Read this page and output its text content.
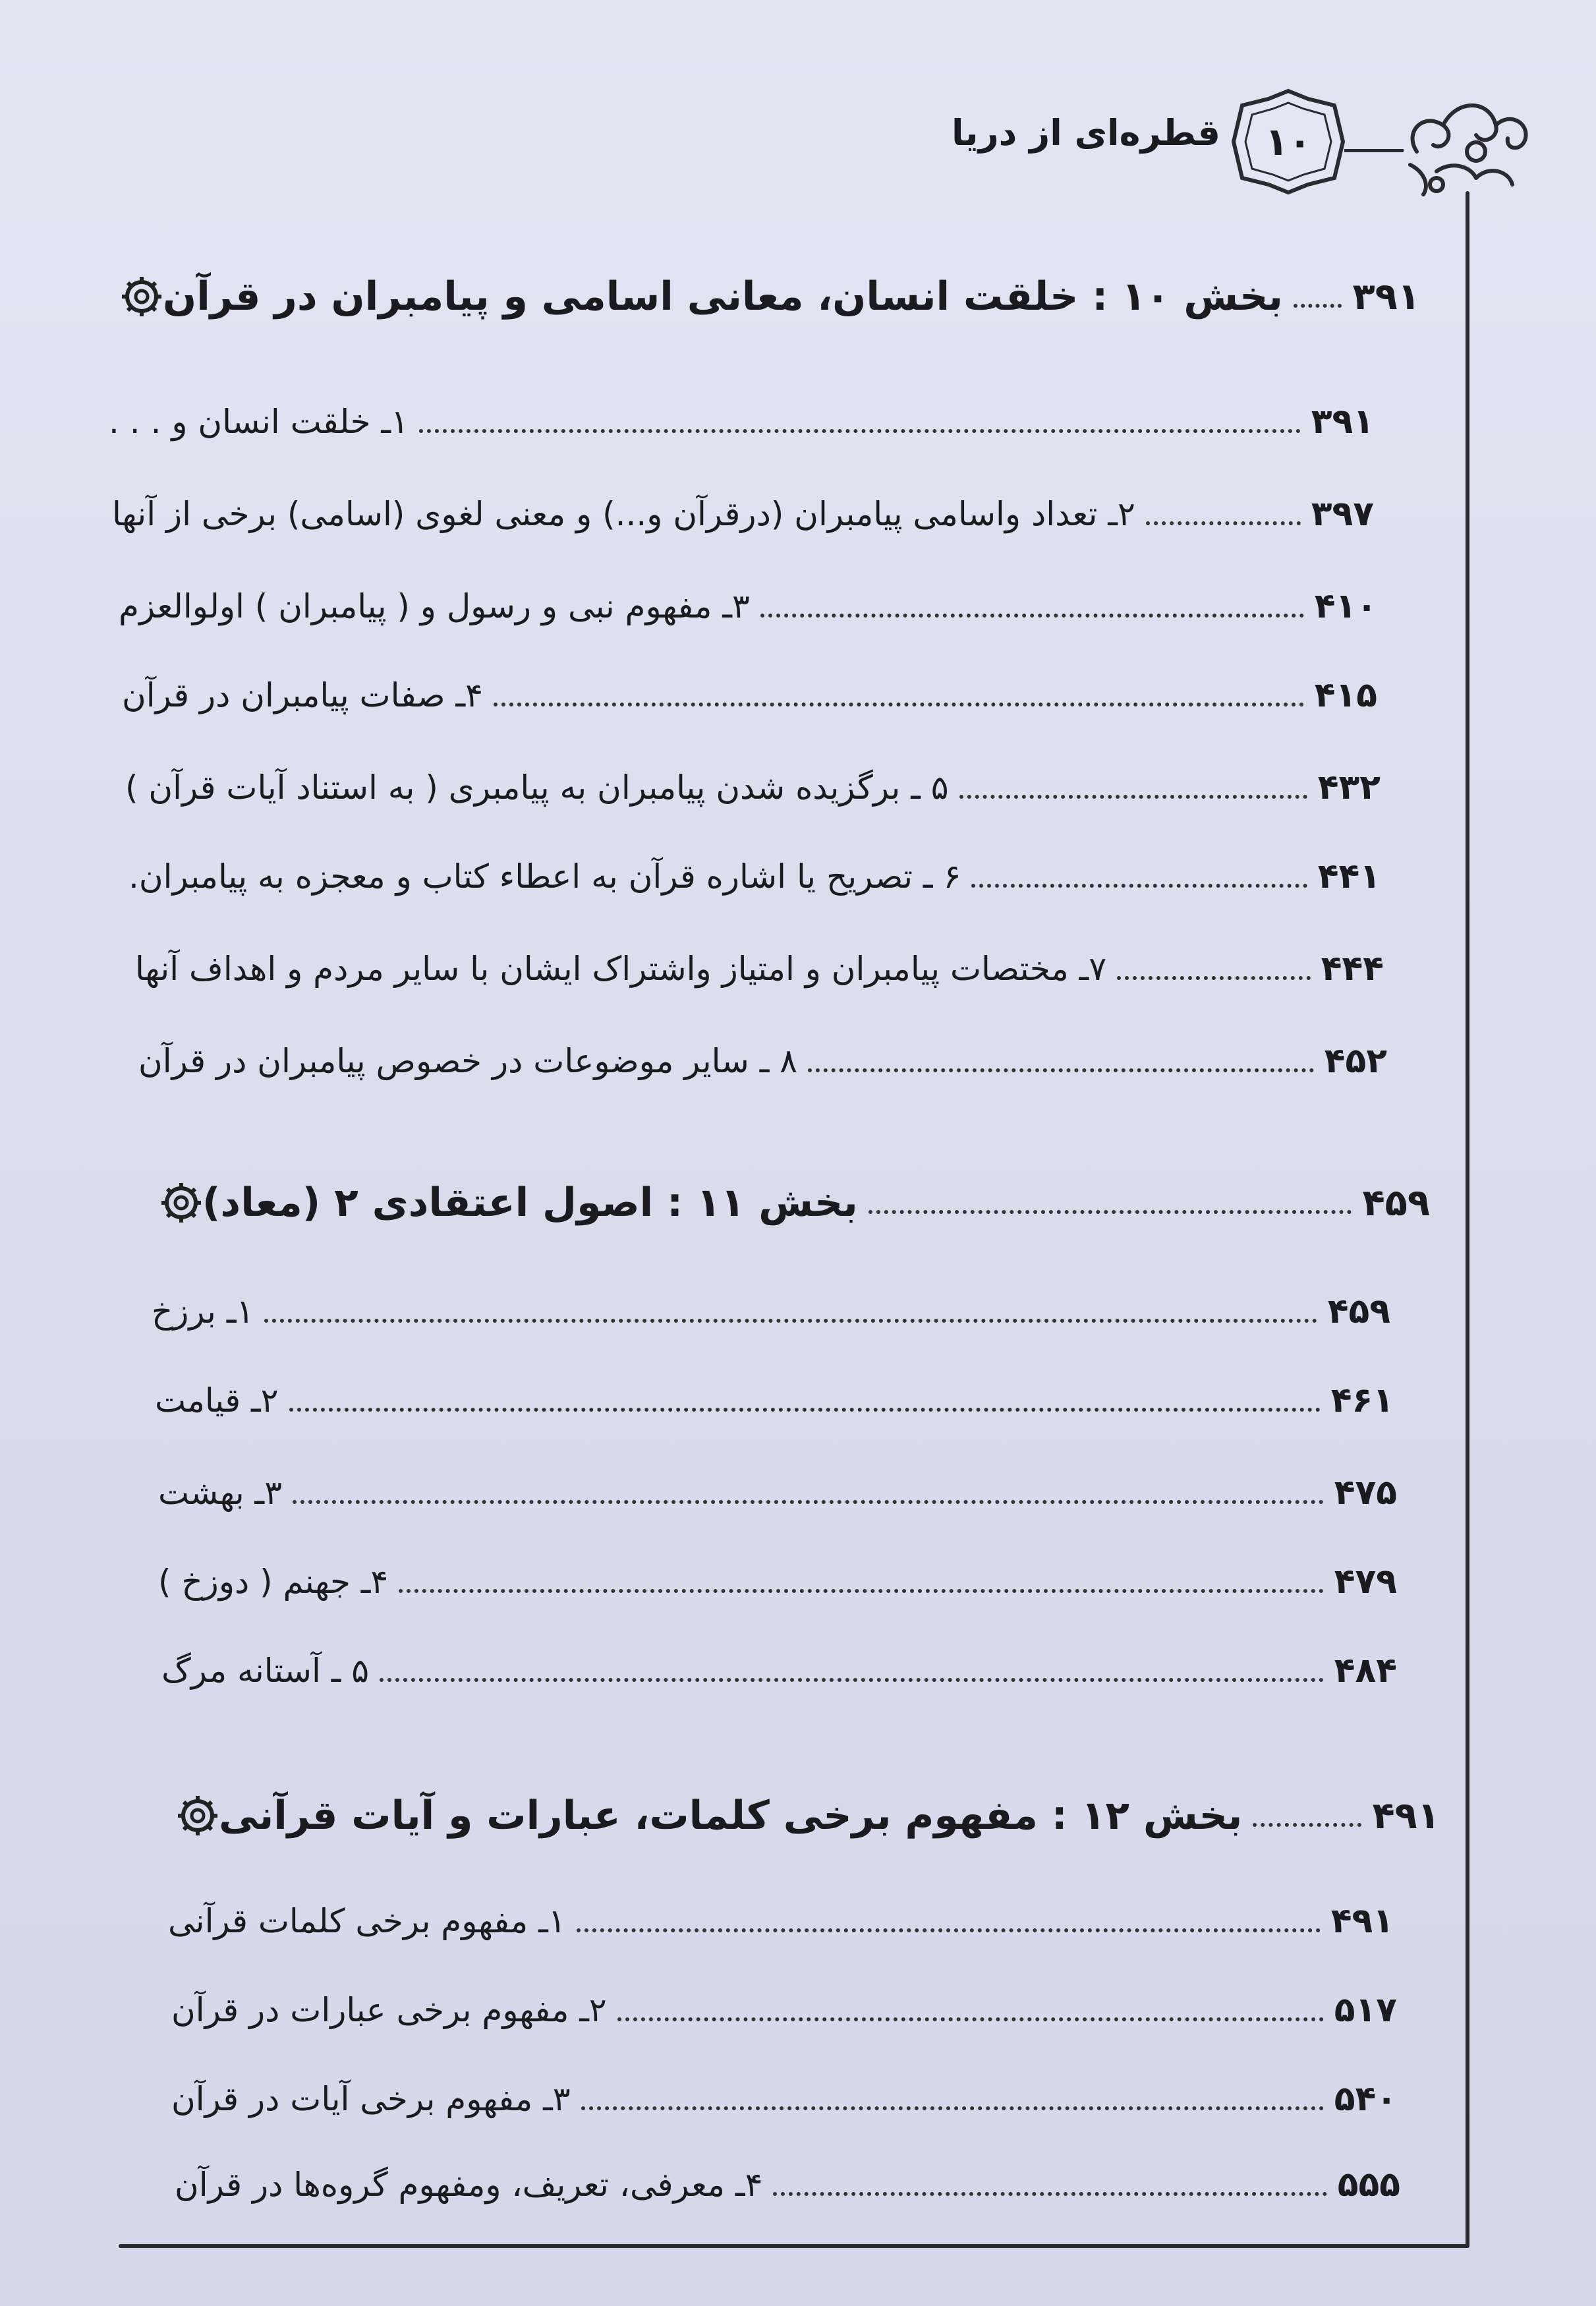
۱۰
قطره‌ای از دریا
بخش ۱۰ : خلقت انسان، معانی اسامی و پیامبران در قرآن ۳۹۱
۱ـ خلقت انسان و . . .	۳۹۱
۲ـ تعداد واسامی پیامبران (درقرآن و...) و معنی لغوی (اسامی) برخی از آنها	۳۹۷
۳ـ مفهوم نبی و رسول و ( پیامبران ) اولوالعزم	۴۱۰
۴ـ صفات پیامبران در قرآن	۴۱۵
۵ ـ برگزیده شدن پیامبران به پیامبری ( به استناد آیات قرآن )	۴۳۲
۶ ـ تصریح یا اشاره قرآن به اعطاء کتاب و معجزه به پیامبران.	۴۴۱
۷ـ مختصات پیامبران و امتیاز واشتراک ایشان با سایر مردم و اهداف آنها	۴۴۴
۸ ـ سایر موضوعات در خصوص پیامبران در قرآن	۴۵۲
بخش ۱۱ : اصول اعتقادی ۲ (معاد)	۴۵۹
۱ـ برزخ	۴۵۹
۲ـ قیامت	۴۶۱
۳ـ بهشت	۴۷۵
۴ـ جهنم ( دوزخ )	۴۷۹
۵ ـ آستانه مرگ	۴۸۴
بخش ۱۲ : مفهوم برخی کلمات، عبارات و آیات قرآنی	۴۹۱
۱ـ مفهوم برخی کلمات قرآنی	۴۹۱
۲ـ مفهوم برخی عبارات در قرآن	۵۱۷
۳ـ مفهوم برخی آیات در قرآن	۵۴۰
۴ـ معرفی، تعریف، ومفهوم گروه‌ها در قرآن	۵۵۵
